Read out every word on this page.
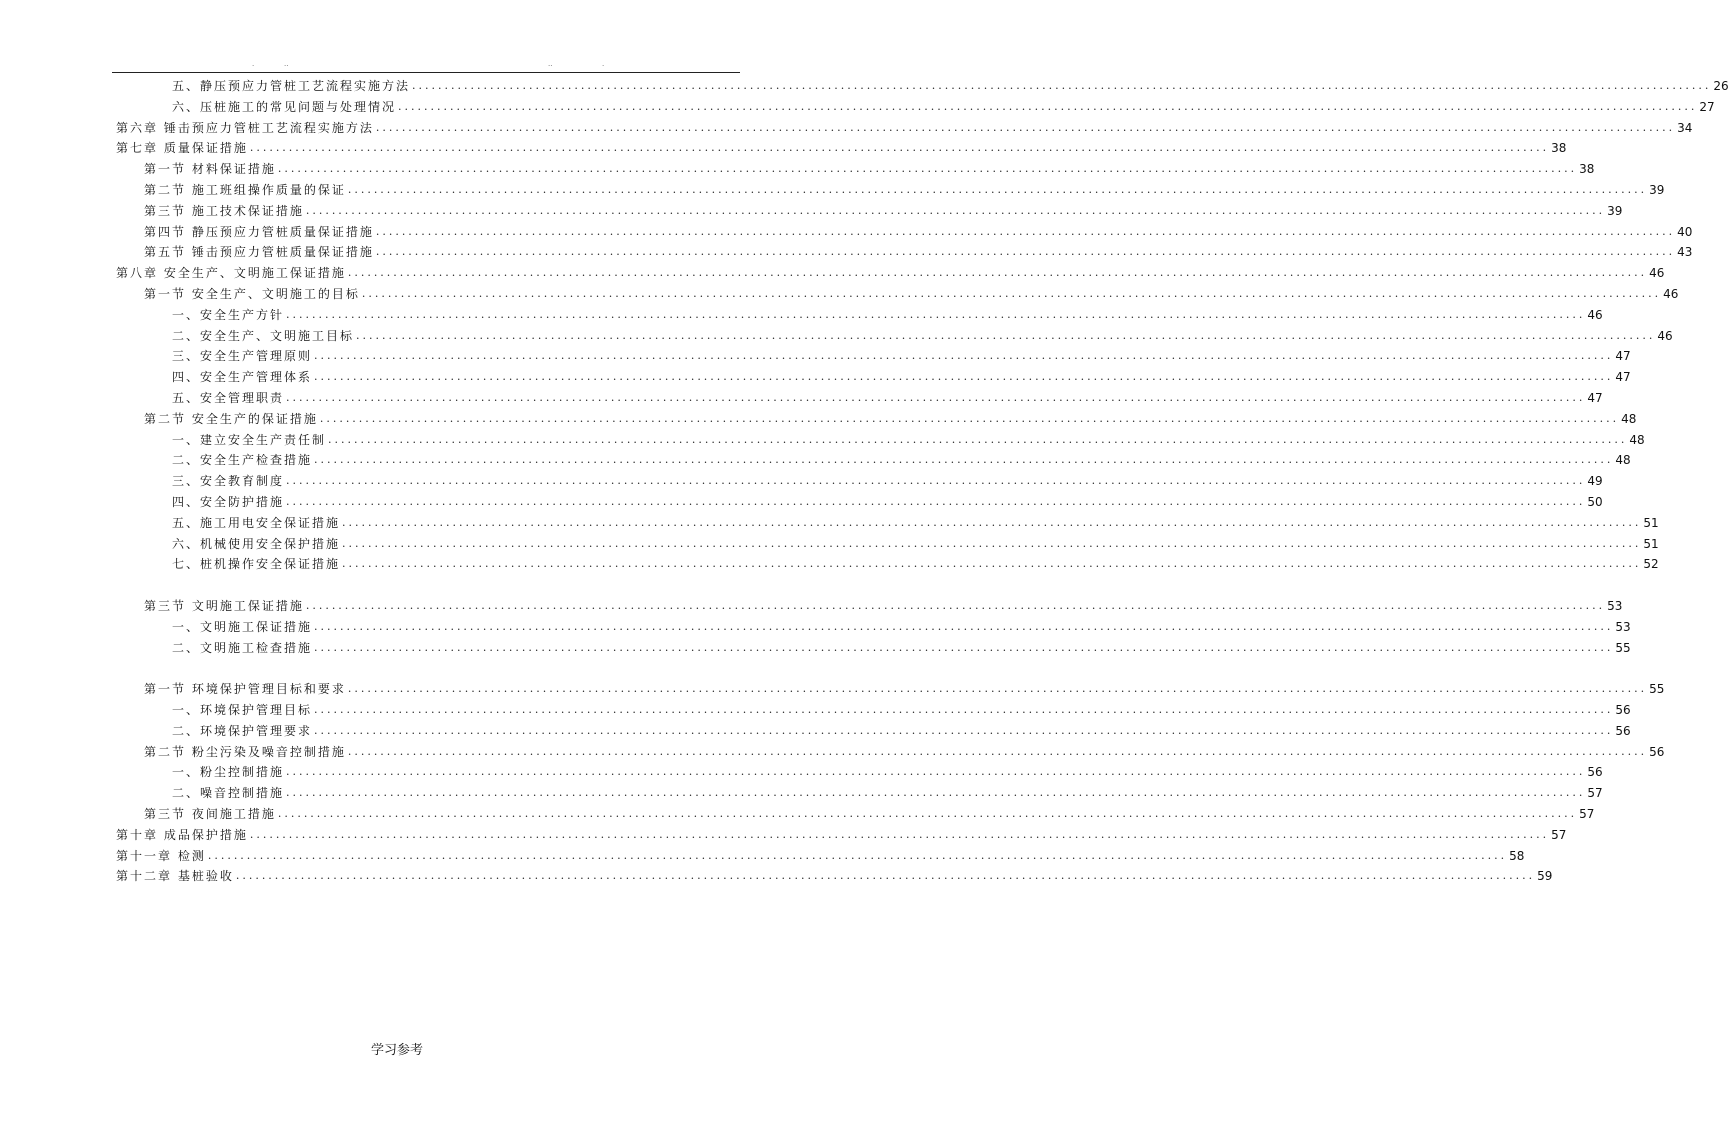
.	..	..	.
五、静压预应力管桩工艺流程实施方法 ........................................................................................................................................................................................................ 26
六、压桩施工的常见问题与处理情况 ........................................................................................................................................................................................................ 27
第六章 锤击预应力管桩工艺流程实施方法 ........................................................................................................................................................................................................ 34
第七章 质量保证措施 ........................................................................................................................................................................................................ 38
第一节 材料保证措施 ........................................................................................................................................................................................................ 38
第二节 施工班组操作质量的保证 ........................................................................................................................................................................................................ 39
第三节 施工技术保证措施 ........................................................................................................................................................................................................ 39
第四节 静压预应力管桩质量保证措施 ........................................................................................................................................................................................................ 40
第五节 锤击预应力管桩质量保证措施 ........................................................................................................................................................................................................ 43
第八章 安全生产、文明施工保证措施 ........................................................................................................................................................................................................ 46
第一节 安全生产、文明施工的目标 ........................................................................................................................................................................................................ 46
一、安全生产方针 ........................................................................................................................................................................................................ 46
二、安全生产、文明施工目标 ........................................................................................................................................................................................................ 46
三、安全生产管理原则 ........................................................................................................................................................................................................ 47
四、安全生产管理体系 ........................................................................................................................................................................................................ 47
五、安全管理职责 ........................................................................................................................................................................................................ 47
第二节 安全生产的保证措施 ........................................................................................................................................................................................................ 48
一、建立安全生产责任制 ........................................................................................................................................................................................................ 48
二、安全生产检查措施 ........................................................................................................................................................................................................ 48
三、安全教育制度 ........................................................................................................................................................................................................ 49
四、安全防护措施 ........................................................................................................................................................................................................ 50
五、施工用电安全保证措施 ........................................................................................................................................................................................................ 51
六、机械使用安全保护措施 ........................................................................................................................................................................................................ 51
七、桩机操作安全保证措施 ........................................................................................................................................................................................................ 52
第三节 文明施工保证措施 ........................................................................................................................................................................................................ 53
一、文明施工保证措施 ........................................................................................................................................................................................................ 53
二、文明施工检查措施 ........................................................................................................................................................................................................ 55
第一节 环境保护管理目标和要求 ........................................................................................................................................................................................................ 55
一、环境保护管理目标 ........................................................................................................................................................................................................ 56
二、环境保护管理要求 ........................................................................................................................................................................................................ 56
第二节 粉尘污染及噪音控制措施 ........................................................................................................................................................................................................ 56
一、粉尘控制措施 ........................................................................................................................................................................................................ 56
二、噪音控制措施 ........................................................................................................................................................................................................ 57
第三节 夜间施工措施 ........................................................................................................................................................................................................ 57
第十章 成品保护措施 ........................................................................................................................................................................................................ 57
第十一章 检测 ........................................................................................................................................................................................................ 58
第十二章 基桩验收 ........................................................................................................................................................................................................ 59
学习参考
